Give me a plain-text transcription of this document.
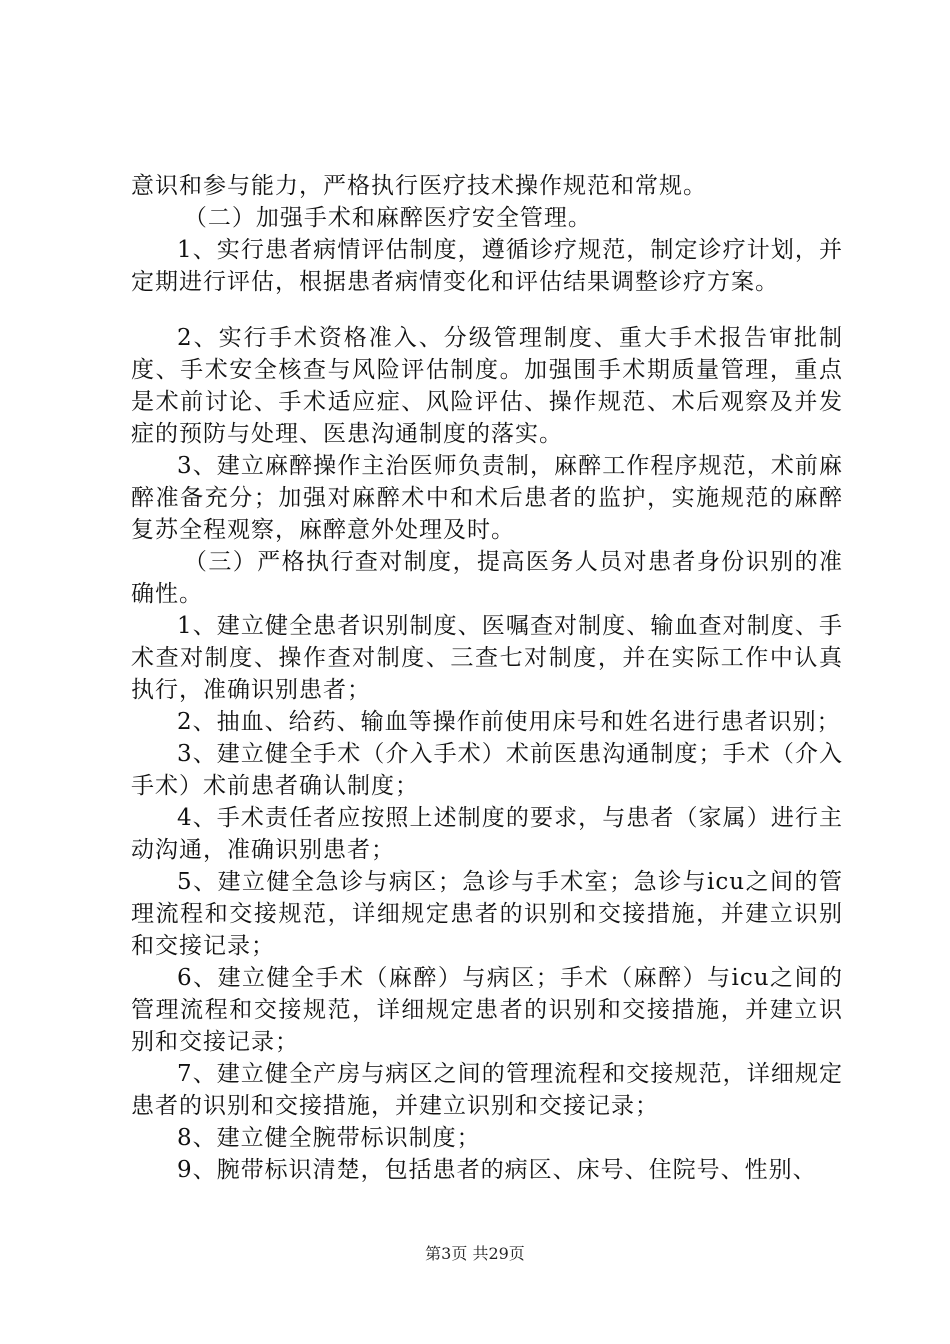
意识和参与能力，严格执行医疗技术操作规范和常规。

（二）加强手术和麻醉医疗安全管理。

1、实行患者病情评估制度，遵循诊疗规范，制定诊疗计划，并定期进行评估，根据患者病情变化和评估结果调整诊疗方案。

2、实行手术资格准入、分级管理制度、重大手术报告审批制度、手术安全核查与风险评估制度。加强围手术期质量管理，重点是术前讨论、手术适应症、风险评估、操作规范、术后观察及并发症的预防与处理、医患沟通制度的落实。

3、建立麻醉操作主治医师负责制，麻醉工作程序规范，术前麻醉准备充分；加强对麻醉术中和术后患者的监护，实施规范的麻醉复苏全程观察，麻醉意外处理及时。

（三）严格执行查对制度，提高医务人员对患者身份识别的准确性。

1、建立健全患者识别制度、医嘱查对制度、输血查对制度、手术查对制度、操作查对制度、三查七对制度，并在实际工作中认真执行，准确识别患者；

2、抽血、给药、输血等操作前使用床号和姓名进行患者识别；

3、建立健全手术（介入手术）术前医患沟通制度；手术（介入手术）术前患者确认制度；

4、手术责任者应按照上述制度的要求，与患者（家属）进行主动沟通，准确识别患者；

5、建立健全急诊与病区；急诊与手术室；急诊与icu之间的管理流程和交接规范，详细规定患者的识别和交接措施，并建立识别和交接记录；

6、建立健全手术（麻醉）与病区；手术（麻醉）与icu之间的管理流程和交接规范，详细规定患者的识别和交接措施，并建立识别和交接记录；

7、建立健全产房与病区之间的管理流程和交接规范，详细规定患者的识别和交接措施，并建立识别和交接记录；

8、建立健全腕带标识制度；

9、腕带标识清楚，包括患者的病区、床号、住院号、性别、

第3页 共29页
